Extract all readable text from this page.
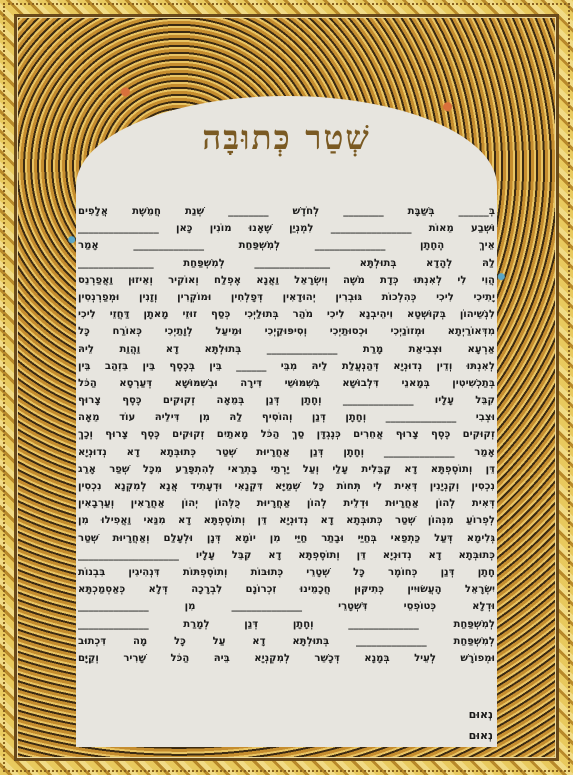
שְׁטַר כְּתוּבָּה
בְּ______ בְּשַׁבָּת ________ לְחֹדֶשׁ ________ שְׁנַת חֲמֵשֶׁת אֲלָפִים
וּשְׁבַע מֵאוֹת ________________ לִמְנְיַן שֶׁאָנוּ מוֹנִין כָּאן ________________
אֵיךְ הֶחָתָן ______________ לְמִשְׁפַּחַת ______________ אָמַר
לַהּ לְהָדָא בְּתוּלְתָּא _______________ לְמִשְׁפַּחַת _______________
הֲוִי לִי לְאִנְתּוּ כְּדָת מֹשֶׁה וְיִשְׂרָאֵל וַאֲנָא אֶפְלַח וְאוֹקִיר וְאֵיזוּן וַאֲפַרְנֵס
יָתִיכִי לִיכִי כְּהִלְכוֹת גּוּבְרִין יְהוּדָאִין דְּפָלְחִין וּמוֹקְרִין וְזָנִין וּמְפַרְנְסִין
לִנְשֵׁיהוֹן בְּקוּשְׁטָא וִיהֵיבְנָא לִיכִי מֹהַר בְּתוּלַיְכִי כְּסַף זוּזֵי מָאתָן דַּחֲזֵי לִיכִי
מִדְּאוֹרַיְתָא וּמְזוֹנַיְכִי וּכְסוּתַיְכִי וְסִיפּוּקַיְכִי וּמֵיעַל לְוָתַיְכִי כְּאוֹרַח כָּל
אַרְעָא וּצְבִיאַת מָרַת ______________ בְּתוּלְתָּא דָא וַהֲוַת לֵיהּ
לְאִנְתּוּ וְדֵין נְדוּנְיָא דְּהַנְעֲלַת לֵיהּ מִבֵּי ______ בֵּין בְּכֶסֶף בֵּין בִּזְהַב בֵּין
בְּתַכְשִׁיטִין בְּמָאנֵי דִּלְבוּשָׁא בְּשִׁמּוּשֵׁי דִּירָה וּבְשִׁמּוּשָׁא דְּעַרְסָא הַכֹּל
קִבֵּל עָלָיו ______________ וְחָתָן דְּנַן בְּמֵאָה זְקוּקִים כֶּסֶף צָרוּף
וּצְבִי ______________ וְחָתָן דְּנַן וְהוֹסִיף לַהּ מִן דִּילֵיהּ עוֹד מֵאָה
זְקוּקִים כֶּסֶף צָרוּף אֲחֵרִים כְּנֶגְדָּן סַךְ הַכֹּל מָאתַיִם זְקוּקִים כֶּסֶף צָרוּף וְכָךְ
אָמַר ______________ וְחָתָן דְּנַן אַחֲרָיוּת שְׁטַר כְּתוּבְּתָא דָא נְדוּנְיָא
דֵּן וְתוֹסֶפְתָּא דָא קַבֵּלִית עָלַי וְעַל יָרְתַי בָּתְרַאי לְהִתְפָּרַע מִכָּל שְׁפַר אָרַג
נִכְסִין וְקִנְיָנִין דְּאִית לִי תְּחוֹת כָּל שְׁמַיָּא דִּקְנָאִי וּדְעָתִיד אֲנָא לְמִקְנָא נִכְסִין
דְּאִית לְהוֹן אַחֲרָיוּת וּדְלֵית לְהוֹן אַחֲרָיוּת כֻּלְּהוֹן יְהוֹן אַחֲרָאִין וְעַרְבָאִין
לְפְרוֹעַ מִנְּהוֹן שְׁטַר כְּתוּבְּתָא דָא נְדוּנְיָא דֵּן וְתוֹסֶפְתָּא דָא מִנַּאי וַאֲפִילוּ מִן
גְּלִימָא דְּעַל כַּתְפַאי בְּחַיַּי וּבָתַר חַיַּי מִן יוֹמָא דְּנָן וּלְעָלַם וְאַחֲרָיוּת שְׁטַר
כְּתוּבְּתָא דָא נְדוּנְיָא דֵּן וְתוֹסֶפְתָּא דָא קִבֵּל עָלָיו ____________________
חָתָן דְּנַן כְּחוֹמֶר כָּל שְׁטָרֵי כְּתוּבּוֹת וְתוֹסֶפְתּוֹת דִּנְהִיגִין בִּבְנוֹת
יִשְׂרָאֵל הָעֲשׂוּיִין כְּתִיקּוּן חֲכָמֵינוּ זִכְרוֹנָם לִבְרָכָה דְּלָא כְּאַסְמַכְתָּא
וּדְלָא כְּטוֹפְסֵי דִּשְׁטָרֵי ______________ מִן ______________
לְמִשְׁפַּחַת ______________ וְחָתָן דְּנַן לְמָרַת ______________
לְמִשְׁפַּחַת ______________ בְּתוּלְתָּא דָא עַל כָּל מָה דִּכְתוּב
וּמְפוֹרָשׁ לְעֵיל בְּמָנָא דְּכָשֵׁר לְמִקְנְיָא בֵּיהּ הַכֹּל שָׁרִיר וְקַיָּם
נְאוּם
נְאוּם
